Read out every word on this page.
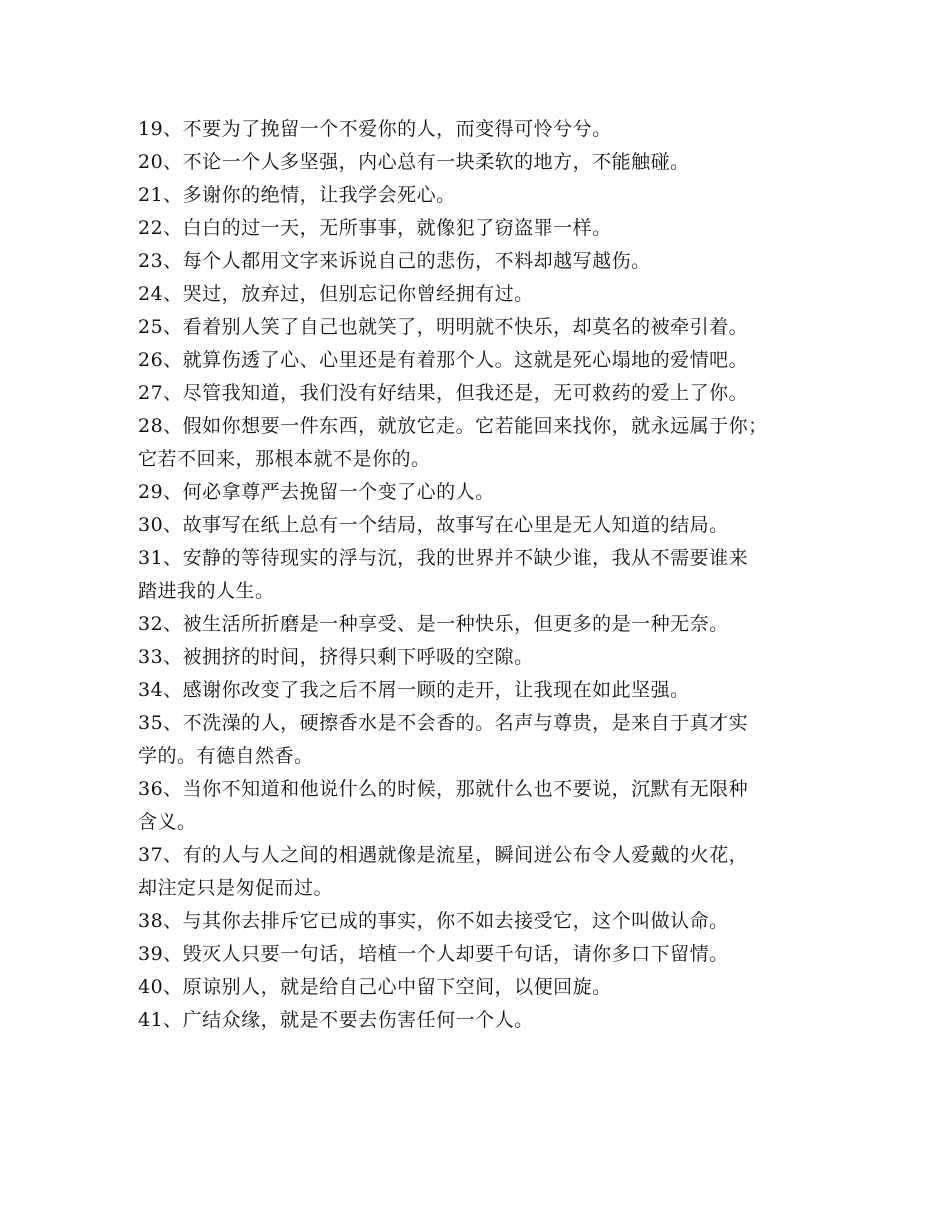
19、不要为了挽留一个不爱你的人，而变得可怜兮兮。
20、不论一个人多坚强，内心总有一块柔软的地方，不能触碰。
21、多谢你的绝情，让我学会死心。
22、白白的过一天，无所事事，就像犯了窃盗罪一样。
23、每个人都用文字来诉说自己的悲伤，不料却越写越伤。
24、哭过，放弃过，但别忘记你曾经拥有过。
25、看着别人笑了自己也就笑了，明明就不快乐，却莫名的被牵引着。
26、就算伤透了心、心里还是有着那个人。这就是死心塌地的爱情吧。
27、尽管我知道，我们没有好结果，但我还是，无可救药的爱上了你。
28、假如你想要一件东西，就放它走。它若能回来找你，就永远属于你；
它若不回来，那根本就不是你的。
29、何必拿尊严去挽留一个变了心的人。
30、故事写在纸上总有一个结局，故事写在心里是无人知道的结局。
31、安静的等待现实的浮与沉，我的世界并不缺少谁，我从不需要谁来
踏进我的人生。
32、被生活所折磨是一种享受、是一种快乐，但更多的是一种无奈。
33、被拥挤的时间，挤得只剩下呼吸的空隙。
34、感谢你改变了我之后不屑一顾的走开，让我现在如此坚强。
35、不洗澡的人，硬擦香水是不会香的。名声与尊贵，是来自于真才实
学的。有德自然香。
36、当你不知道和他说什么的时候，那就什么也不要说，沉默有无限种
含义。
37、有的人与人之间的相遇就像是流星，瞬间迸公布令人爱戴的火花，
却注定只是匆促而过。
38、与其你去排斥它已成的事实，你不如去接受它，这个叫做认命。
39、毁灭人只要一句话，培植一个人却要千句话，请你多口下留情。
40、原谅别人，就是给自己心中留下空间，以便回旋。
41、广结众缘，就是不要去伤害任何一个人。
